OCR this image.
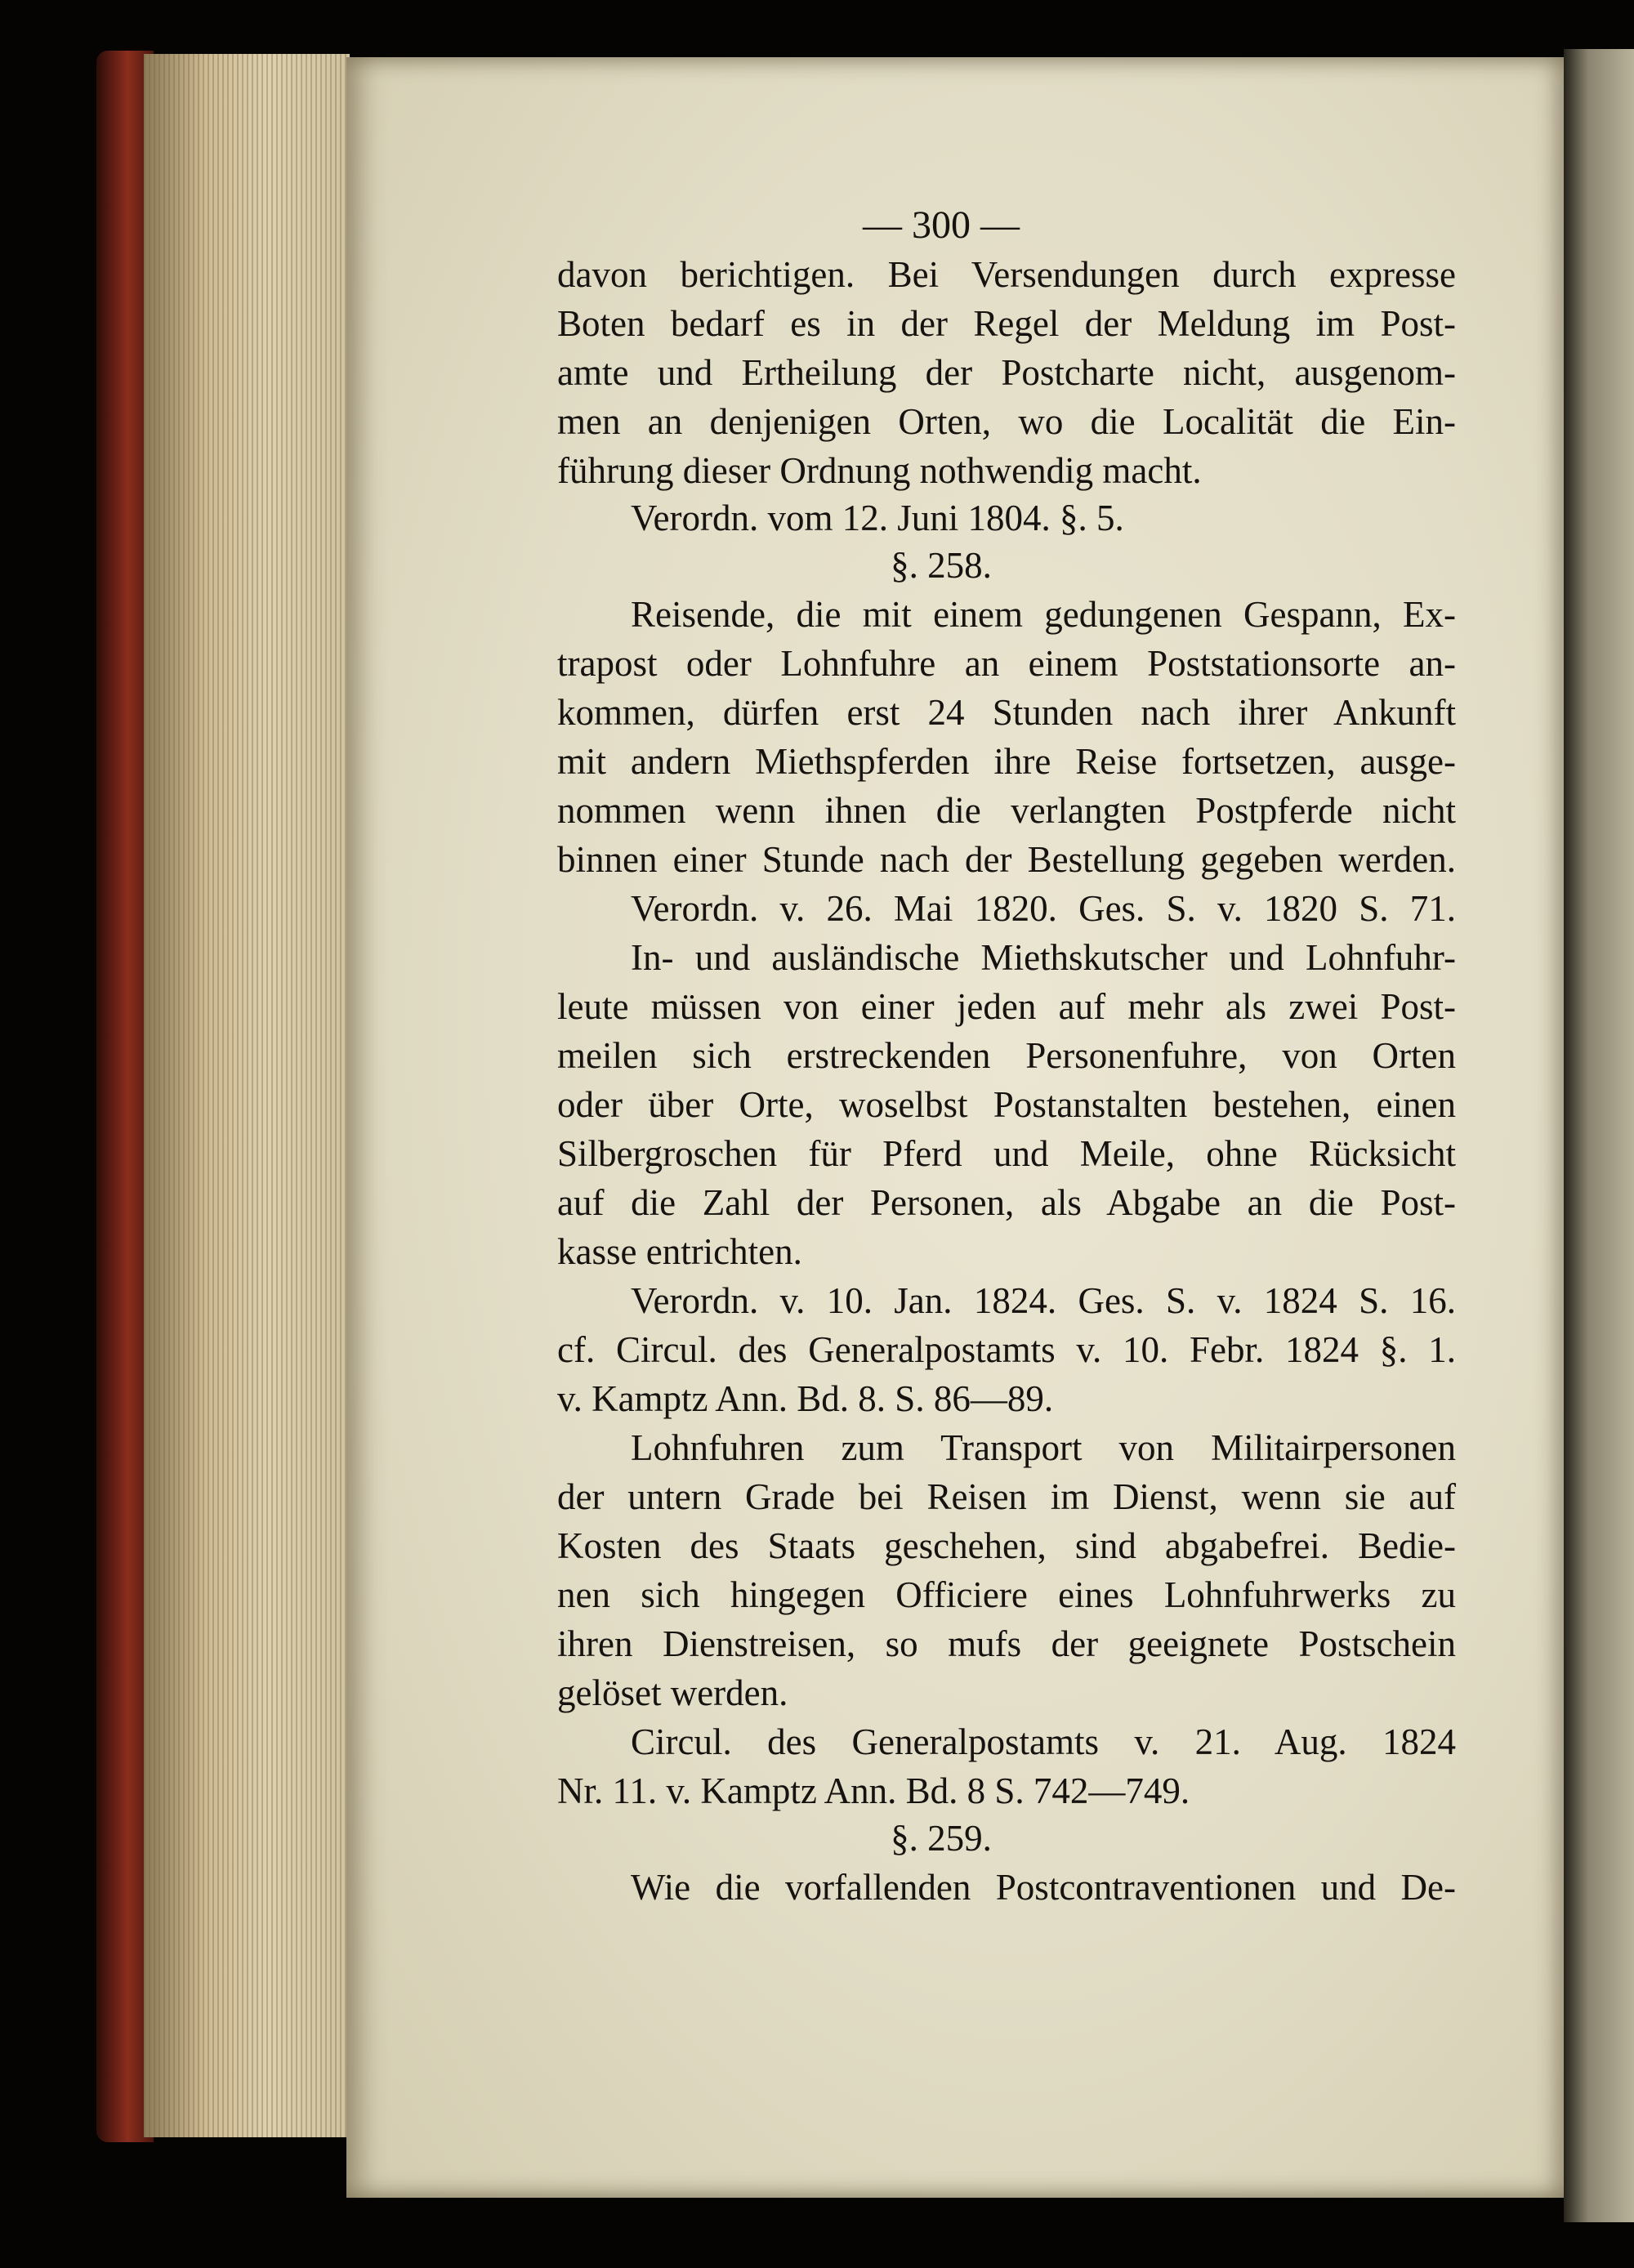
— 300 —
davon berichtigen. Bei Versendungen durch expresse
Boten bedarf es in der Regel der Meldung im Post-
amte und Ertheilung der Postcharte nicht, ausgenom-
men an denjenigen Orten, wo die Localität die Ein-
führung dieser Ordnung nothwendig macht.
Verordn. vom 12. Juni 1804. §. 5.
§. 258.
Reisende, die mit einem gedungenen Gespann, Ex-
trapost oder Lohnfuhre an einem Poststationsorte an-
kommen, dürfen erst 24 Stunden nach ihrer Ankunft
mit andern Miethspferden ihre Reise fortsetzen, ausge-
nommen wenn ihnen die verlangten Postpferde nicht
binnen einer Stunde nach der Bestellung gegeben werden.
Verordn. v. 26. Mai 1820. Ges. S. v. 1820 S. 71.
In- und ausländische Miethskutscher und Lohnfuhr-
leute müssen von einer jeden auf mehr als zwei Post-
meilen sich erstreckenden Personenfuhre, von Orten
oder über Orte, woselbst Postanstalten bestehen, einen
Silbergroschen für Pferd und Meile, ohne Rücksicht
auf die Zahl der Personen, als Abgabe an die Post-
kasse entrichten.
Verordn. v. 10. Jan. 1824. Ges. S. v. 1824 S. 16.
cf. Circul. des Generalpostamts v. 10. Febr. 1824 §. 1.
v. Kamptz Ann. Bd. 8. S. 86—89.
Lohnfuhren zum Transport von Militairpersonen
der untern Grade bei Reisen im Dienst, wenn sie auf
Kosten des Staats geschehen, sind abgabefrei. Bedie-
nen sich hingegen Officiere eines Lohnfuhrwerks zu
ihren Dienstreisen, so mufs der geeignete Postschein
gelöset werden.
Circul. des Generalpostamts v. 21. Aug. 1824
Nr. 11. v. Kamptz Ann. Bd. 8 S. 742—749.
§. 259.
Wie die vorfallenden Postcontraventionen und De-
